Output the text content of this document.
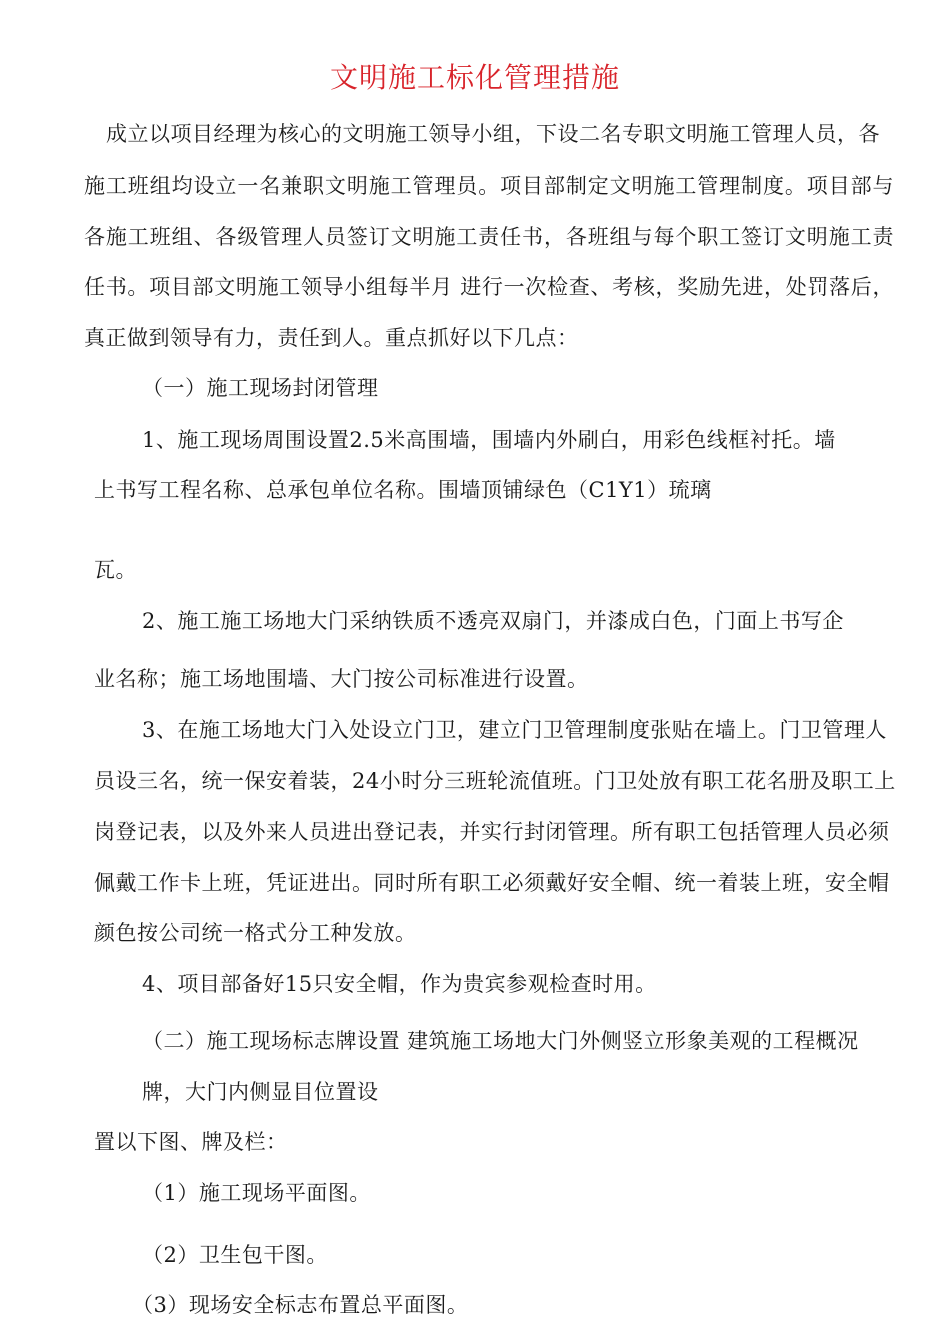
文明施工标化管理措施
成立以项目经理为核心的文明施工领导小组，下设二名专职文明施工管理人员，各
施工班组均设立一名兼职文明施工管理员。项目部制定文明施工管理制度。项目部与
各施工班组、各级管理人员签订文明施工责任书，各班组与每个职工签订文明施工责
任书。项目部文明施工领导小组每半月 进行一次检查、考核，奖励先进，处罚落后，
真正做到领导有力，责任到人。重点抓好以下几点：
（一）施工现场封闭管理
1、施工现场周围设置2.5米高围墙，围墙内外刷白，用彩色线框衬托。墙
上书写工程名称、总承包单位名称。围墙顶铺绿色（C1Y1）琉璃
瓦。
2、施工施工场地大门采纳铁质不透亮双扇门，并漆成白色，门面上书写企
业名称；施工场地围墙、大门按公司标准进行设置。
3、在施工场地大门入处设立门卫，建立门卫管理制度张贴在墙上。门卫管理人
员设三名，统一保安着装，24小时分三班轮流值班。门卫处放有职工花名册及职工上
岗登记表，以及外来人员进出登记表，并实行封闭管理。所有职工包括管理人员必须
佩戴工作卡上班，凭证进出。同时所有职工必须戴好安全帽、统一着装上班，安全帽
颜色按公司统一格式分工种发放。
4、项目部备好15只安全帽，作为贵宾参观检查时用。
（二）施工现场标志牌设置 建筑施工场地大门外侧竖立形象美观的工程概况
牌，大门内侧显目位置设
置以下图、牌及栏：
（1）施工现场平面图。
（2）卫生包干图。
（3）现场安全标志布置总平面图。
